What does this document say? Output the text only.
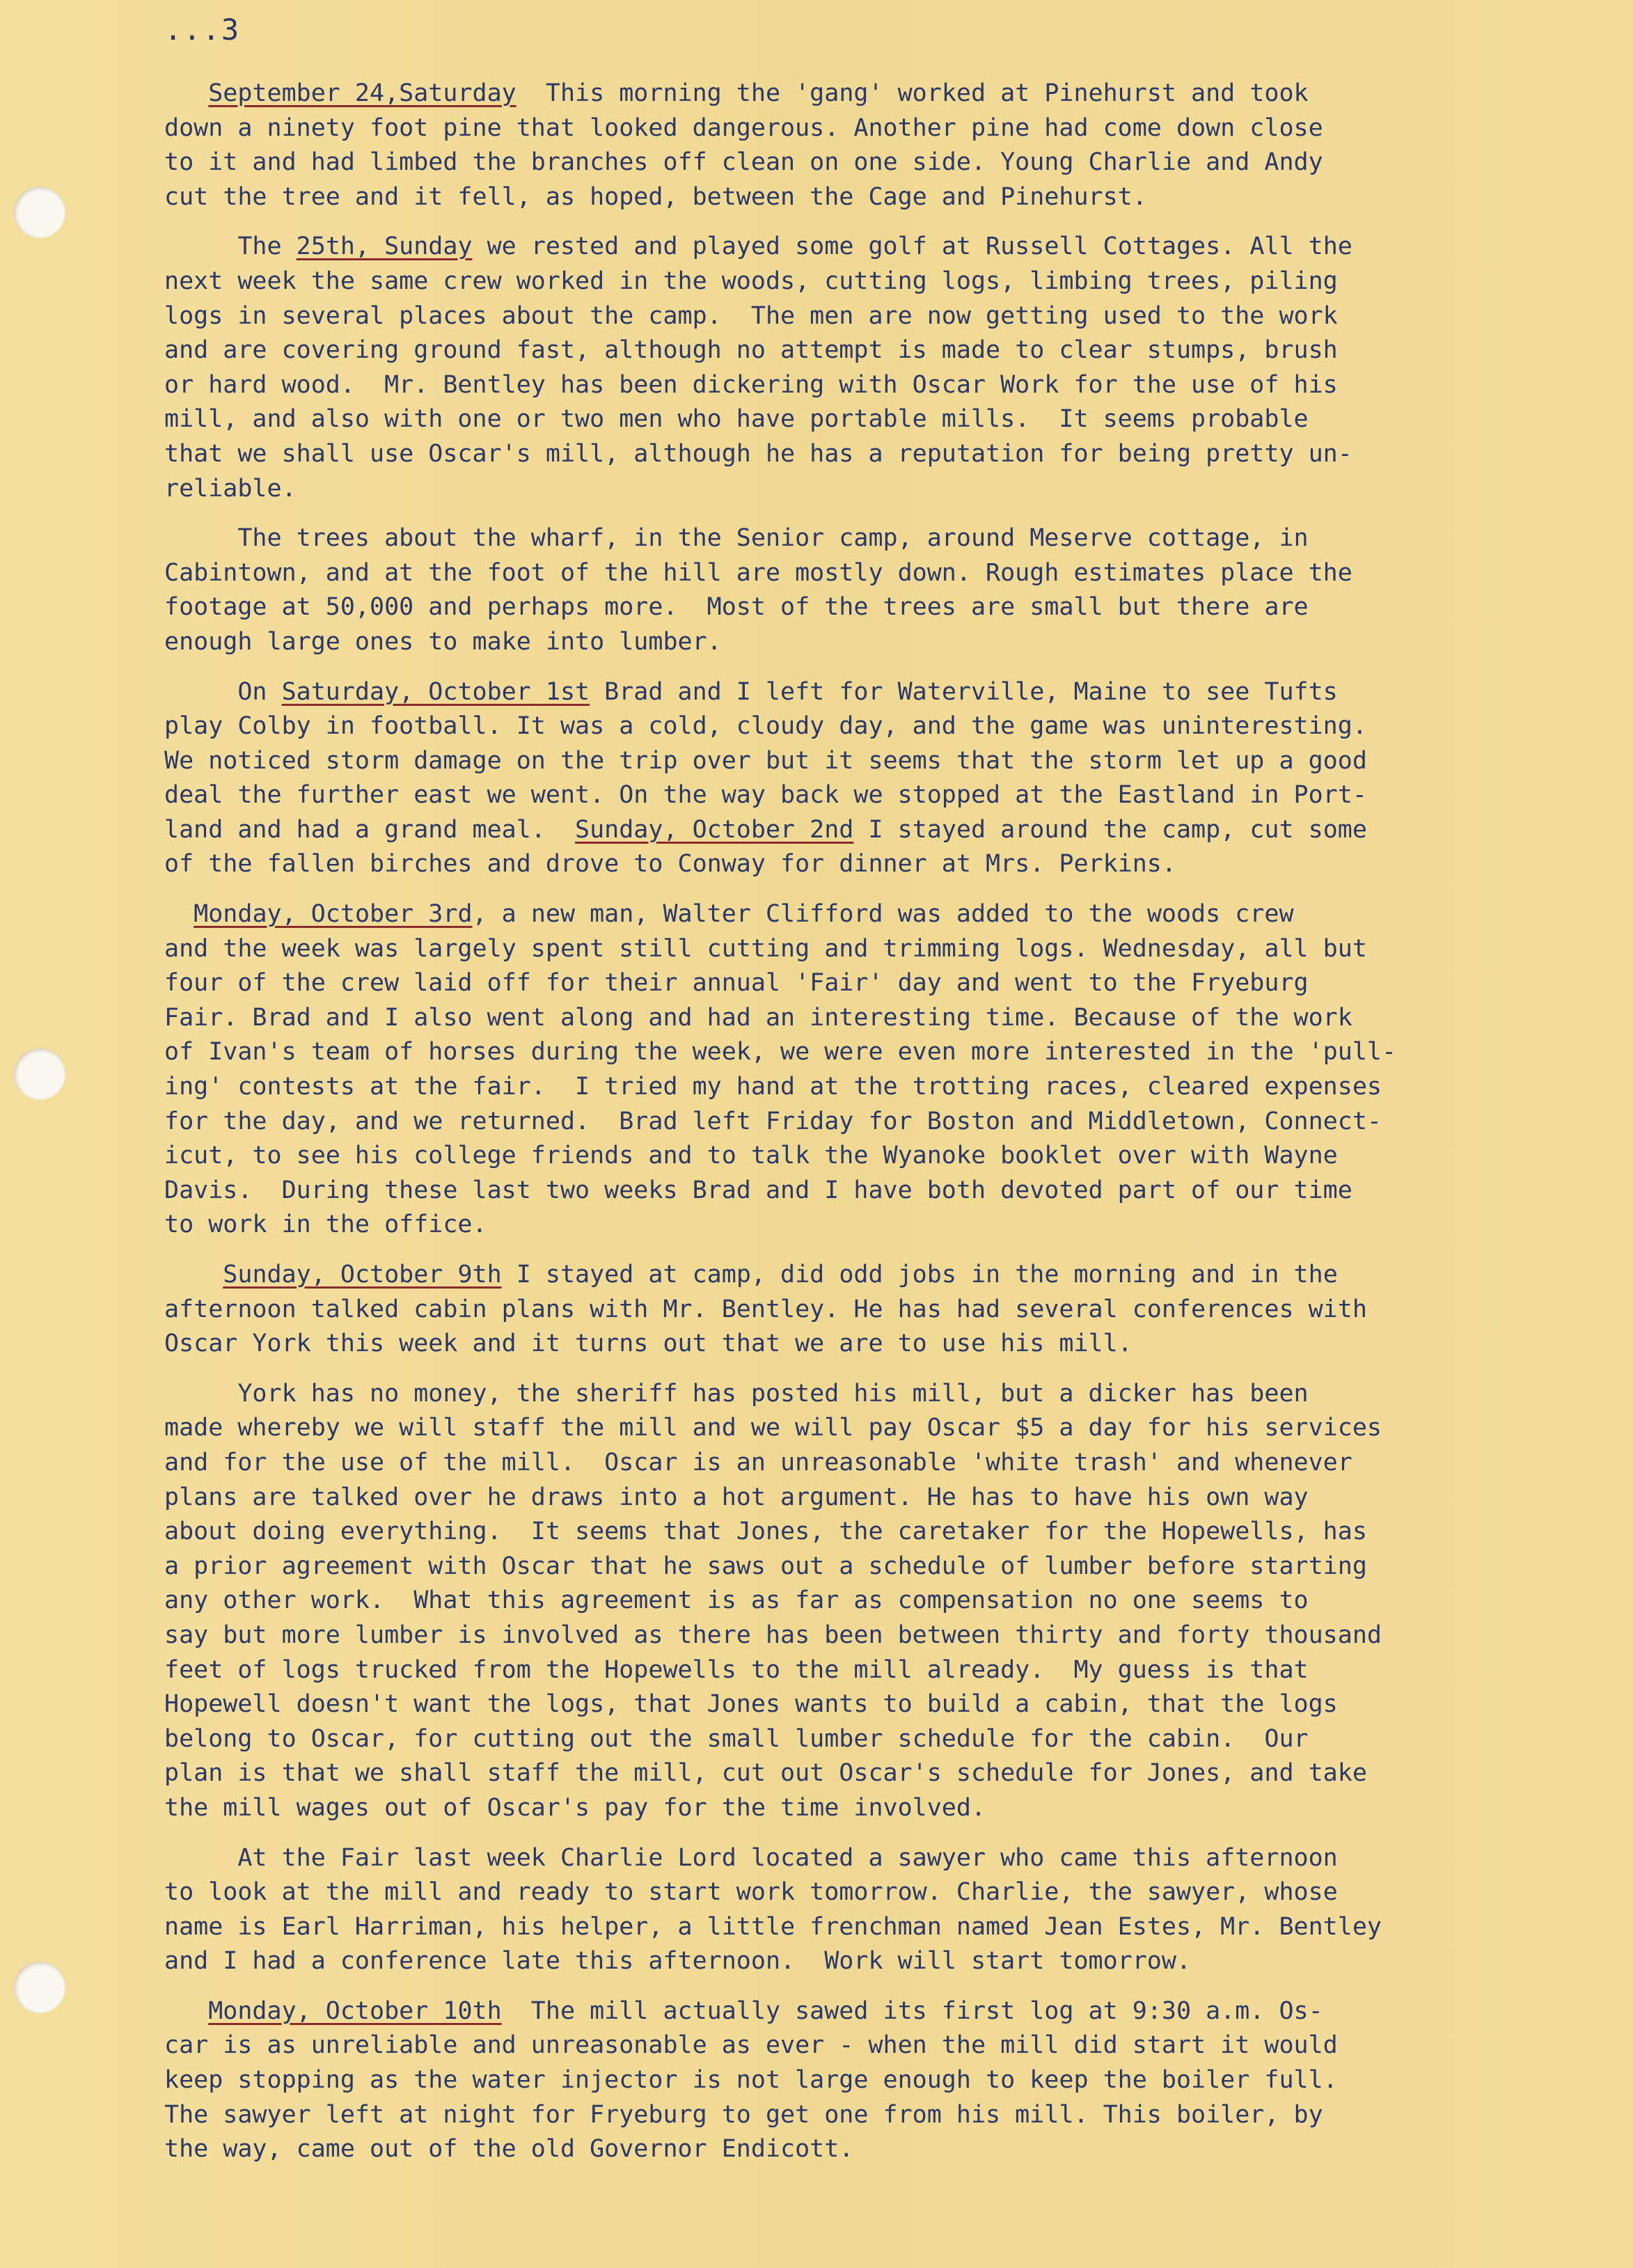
...3
September 24,Saturday  This morning the 'gang' worked at Pinehurst and took
down a ninety foot pine that looked dangerous. Another pine had come down close
to it and had limbed the branches off clean on one side. Young Charlie and Andy
cut the tree and it fell, as hoped, between the Cage and Pinehurst.
The 25th, Sunday we rested and played some golf at Russell Cottages. All the
next week the same crew worked in the woods, cutting logs, limbing trees, piling
logs in several places about the camp.  The men are now getting used to the work
and are covering ground fast, although no attempt is made to clear stumps, brush
or hard wood.  Mr. Bentley has been dickering with Oscar Work for the use of his
mill, and also with one or two men who have portable mills.  It seems probable
that we shall use Oscar's mill, although he has a reputation for being pretty un-
reliable.
The trees about the wharf, in the Senior camp, around Meserve cottage, in
Cabintown, and at the foot of the hill are mostly down. Rough estimates place the
footage at 50,000 and perhaps more.  Most of the trees are small but there are
enough large ones to make into lumber.
On Saturday, October 1st Brad and I left for Waterville, Maine to see Tufts
play Colby in football. It was a cold, cloudy day, and the game was uninteresting.
We noticed storm damage on the trip over but it seems that the storm let up a good
deal the further east we went. On the way back we stopped at the Eastland in Port-
land and had a grand meal.  Sunday, October 2nd I stayed around the camp, cut some
of the fallen birches and drove to Conway for dinner at Mrs. Perkins.
Monday, October 3rd, a new man, Walter Clifford was added to the woods crew
and the week was largely spent still cutting and trimming logs. Wednesday, all but
four of the crew laid off for their annual 'Fair' day and went to the Fryeburg
Fair. Brad and I also went along and had an interesting time. Because of the work
of Ivan's team of horses during the week, we were even more interested in the 'pull-
ing' contests at the fair.  I tried my hand at the trotting races, cleared expenses
for the day, and we returned.  Brad left Friday for Boston and Middletown, Connect-
icut, to see his college friends and to talk the Wyanoke booklet over with Wayne
Davis.  During these last two weeks Brad and I have both devoted part of our time
to work in the office.
Sunday, October 9th I stayed at camp, did odd jobs in the morning and in the
afternoon talked cabin plans with Mr. Bentley. He has had several conferences with
Oscar York this week and it turns out that we are to use his mill.
York has no money, the sheriff has posted his mill, but a dicker has been
made whereby we will staff the mill and we will pay Oscar $5 a day for his services
and for the use of the mill.  Oscar is an unreasonable 'white trash' and whenever
plans are talked over he draws into a hot argument. He has to have his own way
about doing everything.  It seems that Jones, the caretaker for the Hopewells, has
a prior agreement with Oscar that he saws out a schedule of lumber before starting
any other work.  What this agreement is as far as compensation no one seems to
say but more lumber is involved as there has been between thirty and forty thousand
feet of logs trucked from the Hopewells to the mill already.  My guess is that
Hopewell doesn't want the logs, that Jones wants to build a cabin, that the logs
belong to Oscar, for cutting out the small lumber schedule for the cabin.  Our
plan is that we shall staff the mill, cut out Oscar's schedule for Jones, and take
the mill wages out of Oscar's pay for the time involved.
At the Fair last week Charlie Lord located a sawyer who came this afternoon
to look at the mill and ready to start work tomorrow. Charlie, the sawyer, whose
name is Earl Harriman, his helper, a little frenchman named Jean Estes, Mr. Bentley
and I had a conference late this afternoon.  Work will start tomorrow.
Monday, October 10th  The mill actually sawed its first log at 9:30 a.m. Os-
car is as unreliable and unreasonable as ever - when the mill did start it would
keep stopping as the water injector is not large enough to keep the boiler full.
The sawyer left at night for Fryeburg to get one from his mill. This boiler, by
the way, came out of the old Governor Endicott.
